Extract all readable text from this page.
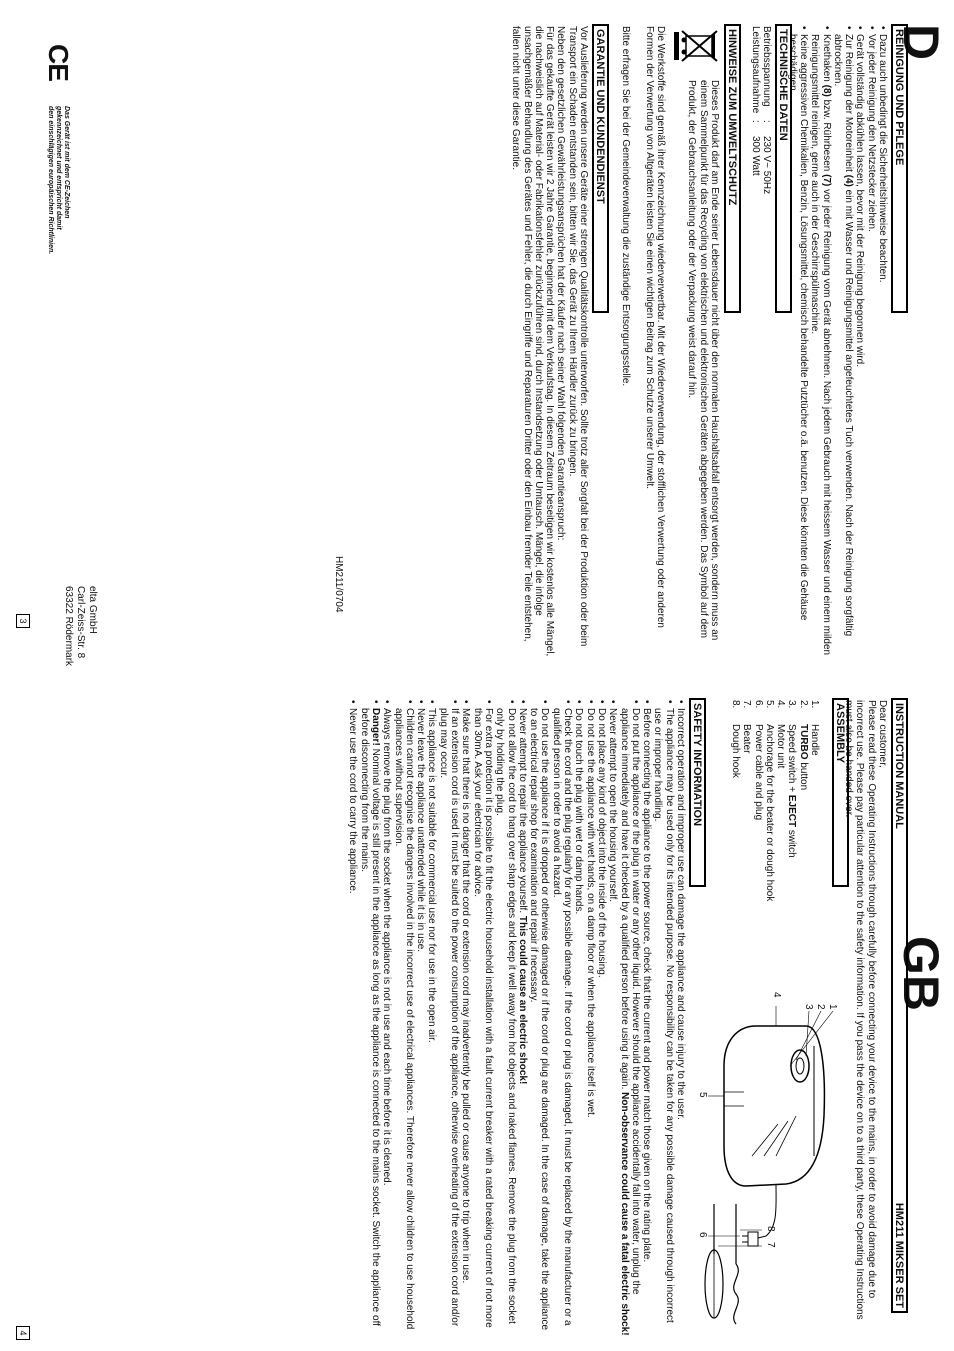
D
REINIGUNG UND PFLEGE
• Dazu auch unbedingt die Sicherheitshinweise beachten.
• Vor jeder Reinigung den Netzstecker ziehen.
• Gerät vollständig abkühlen lassen, bevor mit der Reinigung begonnen wird.
• Zur Reinigung der Motoreinheit (4) ein mit Wasser und Reinigungsmittel angefeuchtetes Tuch verwenden. Nach der Reinigung sorgfältig abtrocknen.
• Knethaken (8) bzw. Rührbesen (7) vor jeder Reinigung vom Gerät abnehmen. Nach jedem Gebrauch mit heissem Wasser und einem milden Reinigungsmittel reinigen, gerne auch in der Geschirrspülmaschine.
• Keine aggressiven Chemikalien, Benzin, Lösungsmittel, chemisch behandelte Putztücher o.ä. benutzen. Diese könnten die Gehäuse beschädigen.
TECHNISCHE DATEN
Betriebsspannung
:
230 V~ 50Hz
Leistungsaufnahme
:
300 Watt
HINWEISE ZUM UMWELTSCHUTZ
Dieses Produkt darf am Ende seiner Lebensdauer nicht über den normalen Haushaltsabfall entsorgt werden, sondern muss an einem Sammelpunkt für das Recycling von elektrischen und elektronischen Geräten abgegeben werden. Das Symbol auf dem Produkt, der Gebrauchsanleitung oder der Verpackung weist darauf hin.
Die Werkstoffe sind gemäß ihrer Kennzeichnung wiederverwertbar. Mit der Wiederverwendung, der stofflichen Verwertung oder anderen Formen der Verwertung von Altgeräten leisten Sie einen wichtigen Beitrag zum Schutze unserer Umwelt.
Bitte erfragen Sie bei der Gemeindeverwaltung die zuständige Entsorgungsstelle.
GARANTIE UND KUNDENDIENST

Vor Auslieferung werden unsere Geräte einer strengen Qualitätskontrolle unterworfen. Sollte trotz aller Sorgfalt bei der Produktion oder beim Transport ein Schaden entstanden sein, bitten wir Sie, das Gerät zu Ihrem Händler zurück zu bringen.

Neben den gesetzlichen Gewährleistungsansprüchen hat der Käufer nach seiner Wahl folgenden Garantieanspruch:

Für das gekaufte Gerät leisten wir 2 Jahre Garantie, beginnend mit dem Verkaufstag. In diesem Zeitraum beseitigen wir kostenlos alle Mängel, die nachweislich auf Material- oder Fabrikationsfehler zurückzuführen sind, durch Instandsetzung oder Umtausch. Mängel, die infolge unsachgemäßer Behandlung des Gerätes und Fehler, die durch Eingriffe und Reparaturen Dritter oder den Einbau fremder Teile entstehen, fallen nicht unter diese Garantie.

HM211/0704
elta GmbH
Carl-Zeiss-Str. 8
63322 Rödermark
3
CE
Das Gerät ist mit dem CE-Zeichen
gekennzeichnet und entspricht damit
den einschlägigen europäischen Richtlinien.
GB
INSTRUCTION MANUAL
HM211 MIKSER SET

Dear customer,

Please read these Operating Instructions through carefully before connecting your device to the mains, in order to avoid damage due to incorrect use. Please pay particular attention to the safety information. If you pass the device on to a third party, these Operating Instructions must also be handed over.

ASSEMBLY
1.
Handle
2.
TURBO button
3.
Speed switch + EJECT switch
4.
Motor unit
5.
Anchorage for the beater or dough hook
6.
Power cable and plug
7.
Beater
8.
Dough hook
1
2
3
4
5
6
8
7
SAFETY INFORMATION
• Incorrect operation and improper use can damage the appliance and cause injury to the user.
• The appliance may be used only for its intended purpose. No responsibility can be taken for any possible damage caused through incorrect use or improper handling.
• Before connecting the appliance to the power source, check that the current and power match those given on the rating plate.
• Do not put the appliance or the plug in water or any other liquid. However should the appliance accidentally fall into water, unplug the appliance immediately and have it checked by a qualified person before using it again. Non-observance could cause a fatal electric shock!
• Never attempt to open the housing yourself.
• Do not place any kind of object into the inside of the housing.
• Do not use the appliance with wet hands, on a damp floor or when the appliance itself is wet.
• Do not touch the plug with wet or damp hands.
• Check the cord and the plug regularly for any possible damage. If the cord or plug is damaged, it must be replaced by the manufacturer or a qualified person in order to avoid a hazard.
• Do not use the appliance if it is dropped or otherwise damaged or if the cord or plug are damaged. In the case of damage, take the appliance to an electrical repair shop for examination and repair if necessary.
• Never attempt to repair the appliance yourself. This could cause an electric shock!
• Do not allow the cord to hang over sharp edges and keep it well away from hot objects and naked flames. Remove the plug from the socket only by holding the plug.
• For extra protection it is possible to fit the electric household installation with a fault current breaker with a rated breaking current of not more than 30mA. Ask your electrician for advice.
• Make sure that there is no danger that the cord or extension cord may inadvertently be pulled or cause anyone to trip when in use.
• If an extension cord is used it must be suited to the power consumption of the appliance, otherwise overheating of the extension cord and/or plug may occur.
• This appliance is not suitable for commercial use nor for use in the open air.
• Never leave the appliance unattended while it is in use.
• Children cannot recognise the dangers involved in the incorrect use of electrical appliances. Therefore never allow children to use household appliances without supervision.
• Always remove the plug from the socket when the appliance is not in use and each time before it is cleaned.
• Danger! Nominal voltage is still present in the appliance as long as the appliance is connected to the mains socket. Switch the appliance off before disconnecting from the mains.
• Never use the cord to carry the appliance.
4
